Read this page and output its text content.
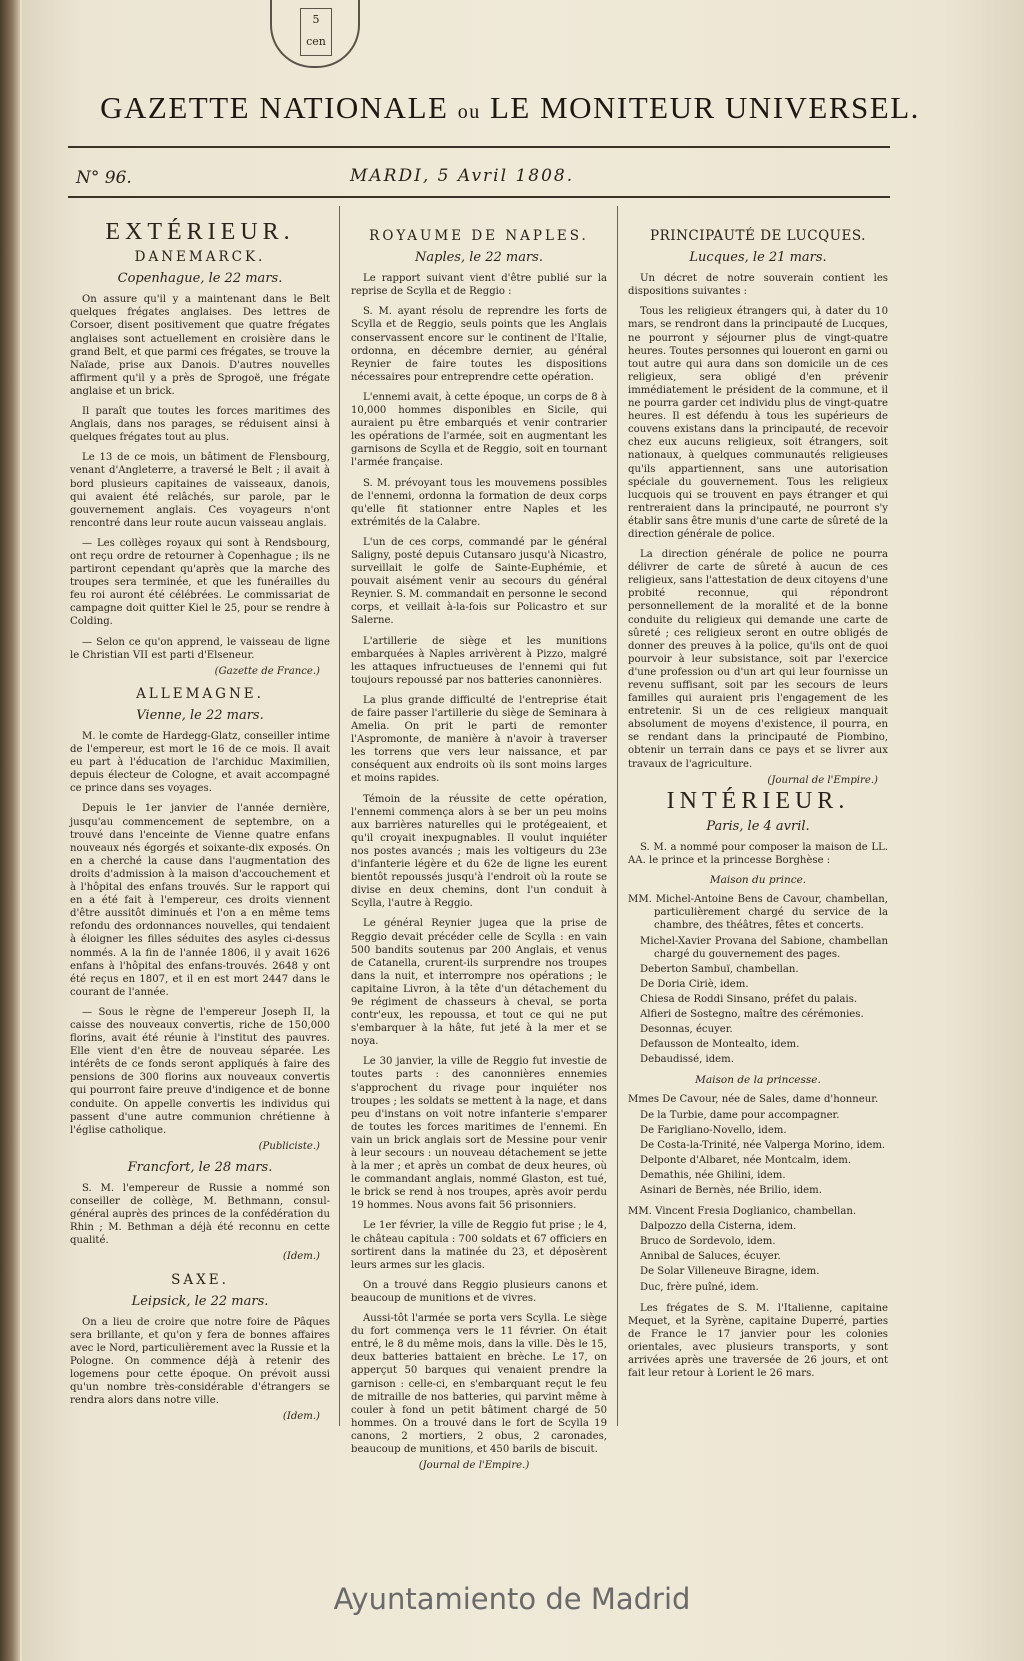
5 cen
GAZETTE NATIONALE ou LE MONITEUR UNIVERSEL.
N° 96.	MARDI, 5 Avril 1808.
EXTÉRIEUR.
DANEMARCK.
Copenhague, le 22 mars.

On assure qu'il y a maintenant dans le Belt quelques frégates anglaises. Des lettres de Corsoer, disent positivement que quatre frégates anglaises sont actuellement en croisière dans le grand Belt, et que parmi ces frégates, se trouve la Naïade, prise aux Danois. D'autres nouvelles affirment qu'il y a près de Sprogoë, une frégate anglaise et un brick.

Il paraît que toutes les forces maritimes des Anglais, dans nos parages, se réduisent ainsi à quelques frégates tout au plus.

Le 13 de ce mois, un bâtiment de Flensbourg, venant d'Angleterre, a traversé le Belt ; il avait à bord plusieurs capitaines de vaisseaux, danois, qui avaient été relâchés, sur parole, par le gouvernement anglais. Ces voyageurs n'ont rencontré dans leur route aucun vaisseau anglais.

— Les collèges royaux qui sont à Rendsbourg, ont reçu ordre de retourner à Copenhague ; ils ne partiront cependant qu'après que la marche des troupes sera terminée, et que les funérailles du feu roi auront été célébrées. Le commissariat de campagne doit quitter Kiel le 25, pour se rendre à Colding.

— Selon ce qu'on apprend, le vaisseau de ligne le Christian VII est parti d'Elseneur.

(Gazette de France.)
ALLEMAGNE.
Vienne, le 22 mars.

M. le comte de Hardegg-Glatz, conseiller intime de l'empereur, est mort le 16 de ce mois. Il avait eu part à l'éducation de l'archiduc Maximilien, depuis électeur de Cologne, et avait accompagné ce prince dans ses voyages.

Depuis le 1er janvier de l'année dernière, jusqu'au commencement de septembre, on a trouvé dans l'enceinte de Vienne quatre enfans nouveaux nés égorgés et soixante-dix exposés. On en a cherché la cause dans l'augmentation des droits d'admission à la maison d'accouchement et à l'hôpital des enfans trouvés. Sur le rapport qui en a été fait à l'empereur, ces droits viennent d'être aussitôt diminués et l'on a en même tems refondu des ordonnances nouvelles, qui tendaient à éloigner les filles séduites des asyles ci-dessus nommés. A la fin de l'année 1806, il y avait 1626 enfans à l'hôpital des enfans-trouvés. 2648 y ont été reçus en 1807, et il en est mort 2447 dans le courant de l'année.

— Sous le règne de l'empereur Joseph II, la caisse des nouveaux convertis, riche de 150,000 florins, avait été réunie à l'institut des pauvres. Elle vient d'en être de nouveau séparée. Les intérêts de ce fonds seront appliqués à faire des pensions de 300 florins aux nouveaux convertis qui pourront faire preuve d'indigence et de bonne conduite. On appelle convertis les individus qui passent d'une autre communion chrétienne à l'église catholique.

(Publiciste.)
Francfort, le 28 mars.

S. M. l'empereur de Russie a nommé son conseiller de collège, M. Bethmann, consul-général auprès des princes de la confédération du Rhin ; M. Bethman a déjà été reconnu en cette qualité.

(Idem.)
SAXE.
Leipsick, le 22 mars.

On a lieu de croire que notre foire de Pâques sera brillante, et qu'on y fera de bonnes affaires avec le Nord, particulièrement avec la Russie et la Pologne. On commence déjà à retenir des logemens pour cette époque. On prévoit aussi qu'un nombre très-considérable d'étrangers se rendra alors dans notre ville.

(Idem.)
ROYAUME DE NAPLES.
Naples, le 22 mars.

Le rapport suivant vient d'être publié sur la reprise de Scylla et de Reggio :

S. M. ayant résolu de reprendre les forts de Scylla et de Reggio, seuls points que les Anglais conservassent encore sur le continent de l'Italie, ordonna, en décembre dernier, au général Reynier de faire toutes les dispositions nécessaires pour entreprendre cette opération.

L'ennemi avait, à cette époque, un corps de 8 à 10,000 hommes disponibles en Sicile, qui auraient pu être embarqués et venir contrarier les opérations de l'armée, soit en augmentant les garnisons de Scylla et de Reggio, soit en tournant l'armée française.

S. M. prévoyant tous les mouvemens possibles de l'ennemi, ordonna la formation de deux corps qu'elle fit stationner entre Naples et les extrémités de la Calabre.

L'un de ces corps, commandé par le général Saligny, posté depuis Cutansaro jusqu'à Nicastro, surveillait le golfe de Sainte-Euphémie, et pouvait aisément venir au secours du général Reynier. S. M. commandait en personne le second corps, et veillait à-la-fois sur Policastro et sur Salerne.

L'artillerie de siège et les munitions embarquées à Naples arrivèrent à Pizzo, malgré les attaques infructueuses de l'ennemi qui fut toujours repoussé par nos batteries canonnières.

La plus grande difficulté de l'entreprise était de faire passer l'artillerie du siège de Seminara à Amelia. On prit le parti de remonter l'Aspromonte, de manière à n'avoir à traverser les torrens que vers leur naissance, et par conséquent aux endroits où ils sont moins larges et moins rapides.

Témoin de la réussite de cette opération, l'ennemi commença alors à se ber un peu moins aux barrières naturelles qui le protégeaient, et qu'il croyait inexpugnables. Il voulut inquiéter nos postes avancés ; mais les voltigeurs du 23e d'infanterie légère et du 62e de ligne les eurent bientôt repoussés jusqu'à l'endroit où la route se divise en deux chemins, dont l'un conduit à Scylla, l'autre à Reggio.

Le général Reynier jugea que la prise de Reggio devait précéder celle de Scylla : en vain 500 bandits soutenus par 200 Anglais, et venus de Catanella, crurent-ils surprendre nos troupes dans la nuit, et interrompre nos opérations ; le capitaine Livron, à la tête d'un détachement du 9e régiment de chasseurs à cheval, se porta contr'eux, les repoussa, et tout ce qui ne put s'embarquer à la hâte, fut jeté à la mer et se noya.

Le 30 janvier, la ville de Reggio fut investie de toutes parts : des canonnières ennemies s'approchent du rivage pour inquiéter nos troupes ; les soldats se mettent à la nage, et dans peu d'instans on voit notre infanterie s'emparer de toutes les forces maritimes de l'ennemi. En vain un brick anglais sort de Messine pour venir à leur secours : un nouveau détachement se jette à la mer ; et après un combat de deux heures, où le commandant anglais, nommé Glaston, est tué, le brick se rend à nos troupes, après avoir perdu 19 hommes. Nous avons fait 56 prisonniers.

Le 1er février, la ville de Reggio fut prise ; le 4, le château capitula : 700 soldats et 67 officiers en sortirent dans la matinée du 23, et déposèrent leurs armes sur les glacis.

On a trouvé dans Reggio plusieurs canons et beaucoup de munitions et de vivres.

Aussi-tôt l'armée se porta vers Scylla. Le siège du fort commença vers le 11 février. On était entré, le 8 du même mois, dans la ville. Dès le 15, deux batteries battaient en brèche. Le 17, on apperçut 50 barques qui venaient prendre la garnison : celle-ci, en s'embarquant reçut le feu de mitraille de nos batteries, qui parvint même à couler à fond un petit bâtiment chargé de 50 hommes. On a trouvé dans le fort de Scylla 19 canons, 2 mortiers, 2 obus, 2 caronades, beaucoup de munitions, et 450 barils de biscuit.

(Journal de l'Empire.)
PRINCIPAUTÉ DE LUCQUES.
Lucques, le 21 mars.

Un décret de notre souverain contient les dispositions suivantes :

Tous les religieux étrangers qui, à dater du 10 mars, se rendront dans la principauté de Lucques, ne pourront y séjourner plus de vingt-quatre heures. Toutes personnes qui loueront en garni ou tout autre qui aura dans son domicile un de ces religieux, sera obligé d'en prévenir immédiatement le président de la commune, et il ne pourra garder cet individu plus de vingt-quatre heures. Il est défendu à tous les supérieurs de couvens existans dans la principauté, de recevoir chez eux aucuns religieux, soit étrangers, soit nationaux, à quelques communautés religieuses qu'ils appartiennent, sans une autorisation spéciale du gouvernement. Tous les religieux lucquois qui se trouvent en pays étranger et qui rentreraient dans la principauté, ne pourront s'y établir sans être munis d'une carte de sûreté de la direction générale de police.

La direction générale de police ne pourra délivrer de carte de sûreté à aucun de ces religieux, sans l'attestation de deux citoyens d'une probité reconnue, qui répondront personnellement de la moralité et de la bonne conduite du religieux qui demande une carte de sûreté ; ces religieux seront en outre obligés de donner des preuves à la police, qu'ils ont de quoi pourvoir à leur subsistance, soit par l'exercice d'une profession ou d'un art qui leur fournisse un revenu suffisant, soit par les secours de leurs familles qui auraient pris l'engagement de les entretenir. Si un de ces religieux manquait absolument de moyens d'existence, il pourra, en se rendant dans la principauté de Piombino, obtenir un terrain dans ce pays et se livrer aux travaux de l'agriculture.

(Journal de l'Empire.)
INTÉRIEUR.
Paris, le 4 avril.

S. M. a nommé pour composer la maison de LL. AA. le prince et la princesse Borghèse :

Maison du prince.
MM. Michel-Antoine Bens de Cavour, chambellan, particulièrement chargé du service de la chambre, des théâtres, fêtes et concerts.
Michel-Xavier Provana del Sabione, chambellan chargé du gouvernement des pages.
Deberton Sambuï, chambellan.
De Doria Ciriè, idem.
Chiesa de Roddi Sinsano, préfet du palais.
Alfieri de Sostegno, maître des cérémonies.
Desonnas, écuyer.
Defausson de Montealto, idem.
Debaudissé, idem.
Maison de la princesse.
Mmes De Cavour, née de Sales, dame d'honneur.
De la Turbie, dame pour accompagner.
De Farigliano-Novello, idem.
De Costa-la-Trinité, née Valperga Morino, idem.
Delponte d'Albaret, née Montcalm, idem.
Demathis, née Ghilini, idem.
Asinari de Bernès, née Brilio, idem.
MM. Vincent Fresia Doglianico, chambellan.
Dalpozzo della Cisterna, idem.
Bruco de Sordevolo, idem.
Annibal de Saluces, écuyer.
De Solar Villeneuve Biragne, idem.
Duc, frère puîné, idem.

Les frégates de S. M. l'Italienne, capitaine Mequet, et la Syrène, capitaine Duperré, parties de France le 17 janvier pour les colonies orientales, avec plusieurs transports, y sont arrivées après une traversée de 26 jours, et ont fait leur retour à Lorient le 26 mars.

Ayuntamiento de Madrid
